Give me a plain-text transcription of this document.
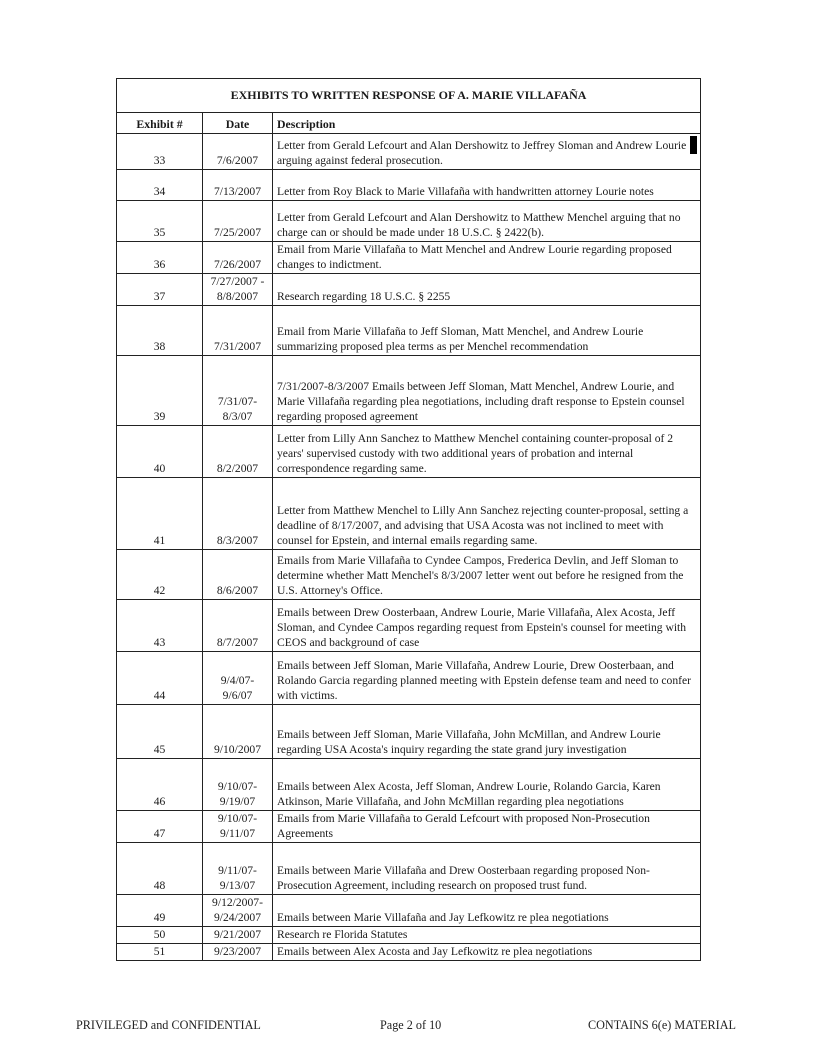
EXHIBITS TO WRITTEN RESPONSE OF A. MARIE VILLAFAÑA		
Exhibit #	Date	Description
33	7/6/2007	Letter from Gerald Lefcourt and Alan Dershowitz to Jeffrey Sloman and Andrew Lourie arguing against federal prosecution.

34	7/13/2007	Letter from Roy Black to Marie Villafaña with handwritten attorney Lourie notes
35	7/25/2007	Letter from Gerald Lefcourt and Alan Dershowitz to Matthew Menchel arguing that no charge can or should be made under 18 U.S.C. § 2422(b).
36	7/26/2007	Email from Marie Villafaña to Matt Menchel and Andrew Lourie regarding proposed changes to indictment.
37	7/27/2007 - 8/8/2007	Research regarding 18 U.S.C. § 2255
38	7/31/2007	Email from Marie Villafaña to Jeff Sloman, Matt Menchel, and Andrew Lourie summarizing proposed plea terms as per Menchel recommendation
39	7/31/07- 8/3/07	7/31/2007-8/3/2007 Emails between Jeff Sloman, Matt Menchel, Andrew Lourie, and Marie Villafaña regarding plea negotiations, including draft response to Epstein counsel regarding proposed agreement
40	8/2/2007	Letter from Lilly Ann Sanchez to Matthew Menchel containing counter-proposal of 2 years' supervised custody with two additional years of probation and internal correspondence regarding same.
41	8/3/2007	Letter from Matthew Menchel to Lilly Ann Sanchez rejecting counter-proposal, setting a deadline of 8/17/2007, and advising that USA Acosta was not inclined to meet with counsel for Epstein, and internal emails regarding same.
42	8/6/2007	Emails from Marie Villafaña to Cyndee Campos, Frederica Devlin, and Jeff Sloman to determine whether Matt Menchel's 8/3/2007 letter went out before he resigned from the U.S. Attorney's Office.
43	8/7/2007	Emails between Drew Oosterbaan, Andrew Lourie, Marie Villafaña, Alex Acosta, Jeff Sloman, and Cyndee Campos regarding request from Epstein's counsel for meeting with CEOS and background of case
44	9/4/07- 9/6/07	Emails between Jeff Sloman, Marie Villafaña, Andrew Lourie, Drew Oosterbaan, and Rolando Garcia regarding planned meeting with Epstein defense team and need to confer with victims.
45	9/10/2007	Emails between Jeff Sloman, Marie Villafaña, John McMillan, and Andrew Lourie regarding USA Acosta's inquiry regarding the state grand jury investigation
46	9/10/07- 9/19/07	Emails between Alex Acosta, Jeff Sloman, Andrew Lourie, Rolando Garcia, Karen Atkinson, Marie Villafaña, and John McMillan regarding plea negotiations
47	9/10/07- 9/11/07	Emails from Marie Villafaña to Gerald Lefcourt with proposed Non-Prosecution Agreements
48	9/11/07- 9/13/07	Emails between Marie Villafaña and Drew Oosterbaan regarding proposed Non-Prosecution Agreement, including research on proposed trust fund.
49	9/12/2007- 9/24/2007	Emails between Marie Villafaña and Jay Lefkowitz re plea negotiations
50	9/21/2007	Research re Florida Statutes
51	9/23/2007	Emails between Alex Acosta and Jay Lefkowitz re plea negotiations
PRIVILEGED and CONFIDENTIAL	Page 2 of 10	CONTAINS 6(e) MATERIAL
